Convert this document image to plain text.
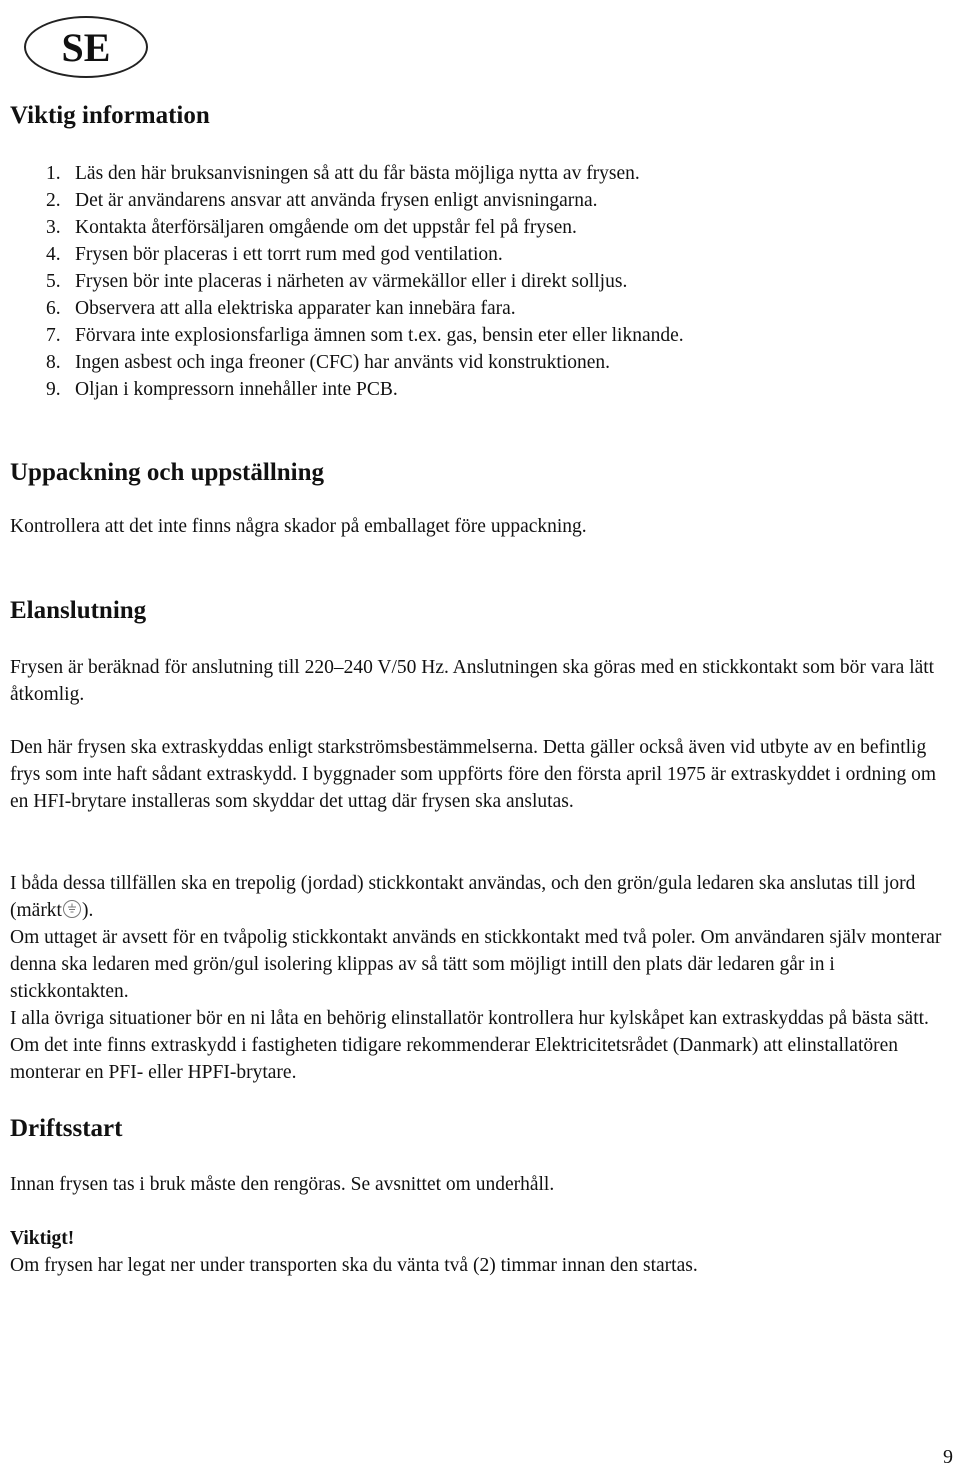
SE
Viktig information
1. Läs den här bruksanvisningen så att du får bästa möjliga nytta av frysen.
2. Det är användarens ansvar att använda frysen enligt anvisningarna.
3. Kontakta återförsäljaren omgående om det uppstår fel på frysen.
4. Frysen bör placeras i ett torrt rum med god ventilation.
5. Frysen bör inte placeras i närheten av värmekällor eller i direkt solljus.
6. Observera att alla elektriska apparater kan innebära fara.
7. Förvara inte explosionsfarliga ämnen som t.ex. gas, bensin eter eller liknande.
8. Ingen asbest och inga freoner (CFC) har använts vid konstruktionen.
9. Oljan i kompressorn innehåller inte PCB.
Uppackning och uppställning

Kontrollera att det inte finns några skador på emballaget före uppackning.

Elanslutning

Frysen är beräknad för anslutning till 220–240 V/50 Hz. Anslutningen ska göras med en stickkontakt som bör vara lätt åtkomlig.

Den här frysen ska extraskyddas enligt starkströmsbestämmelserna. Detta gäller också även vid utbyte av en befintlig frys som inte haft sådant extraskydd. I byggnader som uppförts före den första april 1975 är extraskyddet i ordning om en HFI-brytare installeras som skyddar det uttag där frysen ska anslutas.

I båda dessa tillfällen ska en trepolig (jordad) stickkontakt användas, och den grön/gula ledaren ska anslutas till jord (märkt ).

Om uttaget är avsett för en tvåpolig stickkontakt används en stickkontakt med två poler. Om användaren själv monterar denna ska ledaren med grön/gul isolering klippas av så tätt som möjligt intill den plats där ledaren går in i stickkontakten.

I alla övriga situationer bör en ni låta en behörig elinstallatör kontrollera hur kylskåpet kan extraskyddas på bästa sätt. Om det inte finns extraskydd i fastigheten tidigare rekommenderar Elektricitetsrådet (Danmark) att elinstallatören monterar en PFI- eller HPFI-brytare.

Driftsstart

Innan frysen tas i bruk måste den rengöras. Se avsnittet om underhåll.

Viktigt!

Om frysen har legat ner under transporten ska du vänta två (2) timmar innan den startas.

9
